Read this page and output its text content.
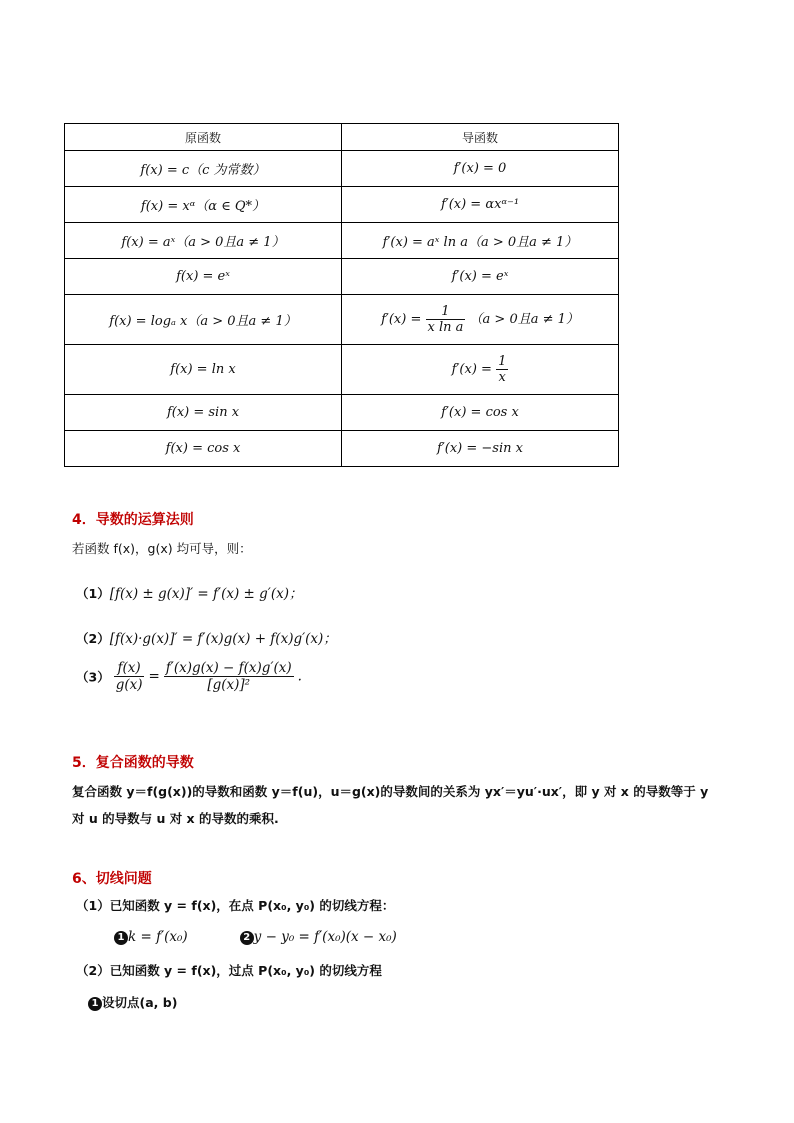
原函数	导函数
f(x) = c（c 为常数）	f′(x) = 0
f(x) = xᵅ（α ∈ Q*）	f′(x) = αxᵅ⁻¹
f(x) = aˣ（a > 0且a ≠ 1）	f′(x) = aˣ ln a（a > 0且a ≠ 1）
f(x) = eˣ	f′(x) = eˣ
f(x) = logₐ x（a > 0且a ≠ 1）	$f'(x) = \frac{1}{\text{x ln a}} (a > 0$且a ≠ 1）
f(x) = ln x	$f'(x) = \frac{1}{x}$

f(x) = sin x	f′(x) = cos x
f(x) = cos x	f′(x) = −sin x
4．导数的运算法则
若函数 f(x)，g(x) 均可导，则：
（1）[f(x) ± g(x)]′ = f′(x) ± g′(x)；
（2）[f(x)·g(x)]′ = f′(x)g(x) + f(x)g′(x)；
$(3) \frac{f(x)}{g(x)} = \frac{f'(x)g(x) - f(x)g'(x)}{\text{[g(x)]²}}$ .
5．复合函数的导数
复合函数 y＝f(g(x))的导数和函数 y＝f(u)，u＝g(x)的导数间的关系为 yx′＝yu′·ux′，即 y 对 x 的导数等于 y 对 u 的导数与 u 对 x 的导数的乘积.
6、切线问题
（1）已知函数 y = f(x)，在点 P(x₀, y₀) 的切线方程：
1 k = f′(x₀)	2 y − y₀ = f′(x₀)(x − x₀)
（2）已知函数 y = f(x)，过点 P(x₀, y₀) 的切线方程
1 设切点(a, b)
